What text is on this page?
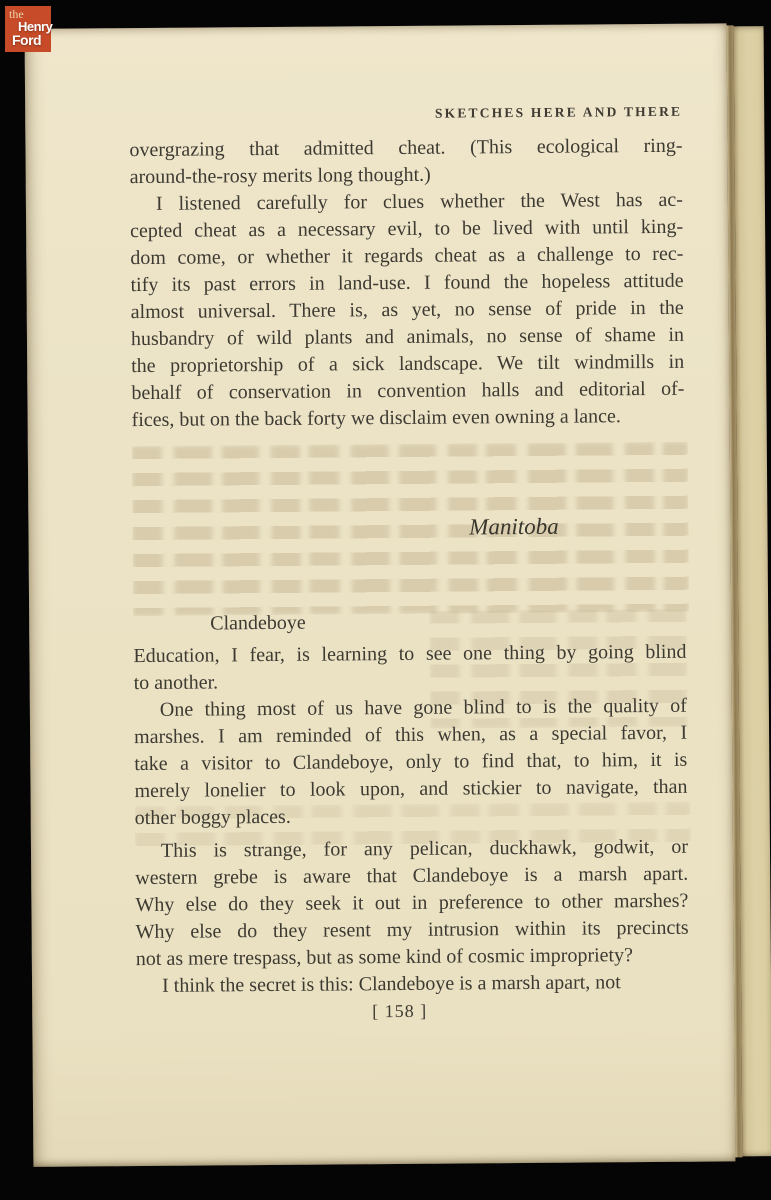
SKETCHES HERE AND THERE
overgrazing that admitted cheat. (This ecological ring-
around-the-rosy merits long thought.)
I listened carefully for clues whether the West has ac-
cepted cheat as a necessary evil, to be lived with until king-
dom come, or whether it regards cheat as a challenge to rec-
tify its past errors in land-use. I found the hopeless attitude
almost universal. There is, as yet, no sense of pride in the
husbandry of wild plants and animals, no sense of shame in
the proprietorship of a sick landscape. We tilt windmills in
behalf of conservation in convention halls and editorial of-
fices, but on the back forty we disclaim even owning a lance.
Manitoba
Clandeboye
Education, I fear, is learning to see one thing by going blind
to another.
One thing most of us have gone blind to is the quality of
marshes. I am reminded of this when, as a special favor, I
take a visitor to Clandeboye, only to find that, to him, it is
merely lonelier to look upon, and stickier to navigate, than
other boggy places.
This is strange, for any pelican, duckhawk, godwit, or
western grebe is aware that Clandeboye is a marsh apart.
Why else do they seek it out in preference to other marshes?
Why else do they resent my intrusion within its precincts
not as mere trespass, but as some kind of cosmic impropriety?
I think the secret is this: Clandeboye is a marsh apart, not
[ 158 ]
the
Henry
Ford
